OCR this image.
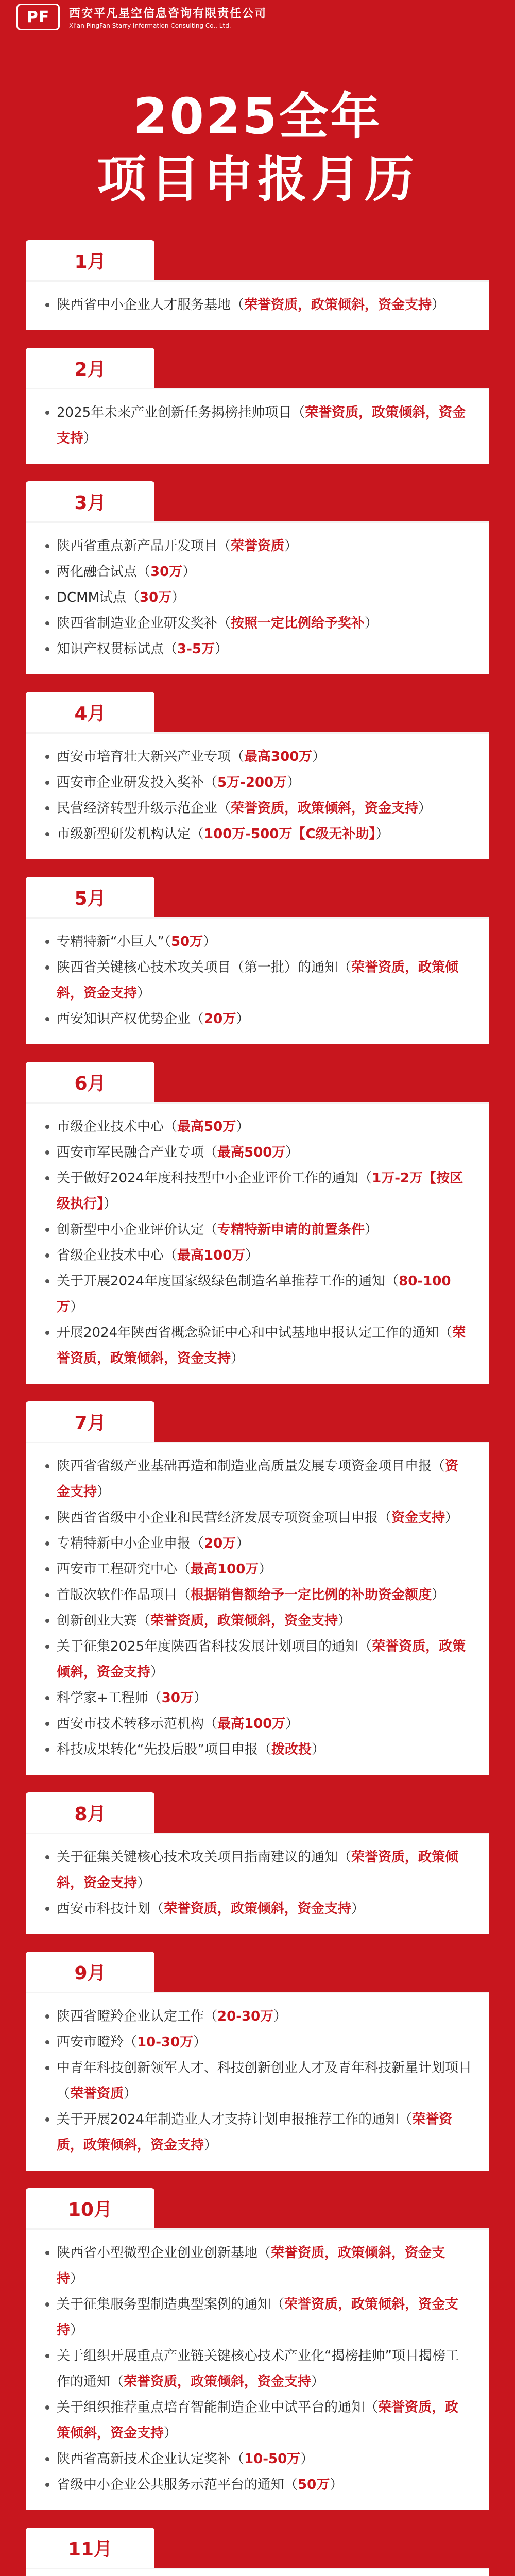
PF	西安平凡星空信息咨询有限责任公司
Xi'an PingFan Starry Information Consulting Co., Ltd.
2025全年
项目申报月历
1月
陕西省中小企业人才服务基地（荣誉资质，政策倾斜，资金支持）
2月
2025年未来产业创新任务揭榜挂帅项目（荣誉资质，政策倾斜，资金支持）
3月
陕西省重点新产品开发项目（荣誉资质）
两化融合试点（30万）
DCMM试点（30万）
陕西省制造业企业研发奖补（按照一定比例给予奖补）
知识产权贯标试点（3-5万）
4月
西安市培育壮大新兴产业专项（最高300万）
西安市企业研发投入奖补（5万-200万）
民营经济转型升级示范企业（荣誉资质，政策倾斜，资金支持）
市级新型研发机构认定（100万-500万【C级无补助】）
5月
专精特新“小巨人”（50万）
陕西省关键核心技术攻关项目（第一批）的通知（荣誉资质，政策倾斜，资金支持）
西安知识产权优势企业（20万）
6月
市级企业技术中心（最高50万）
西安市军民融合产业专项（最高500万）
关于做好2024年度科技型中小企业评价工作的通知（1万-2万【按区级执行】）
创新型中小企业评价认定（专精特新申请的前置条件）
省级企业技术中心（最高100万）
关于开展2024年度国家级绿色制造名单推荐工作的通知（80-100万）
开展2024年陕西省概念验证中心和中试基地申报认定工作的通知（荣誉资质，政策倾斜，资金支持）
7月
陕西省省级产业基础再造和制造业高质量发展专项资金项目申报（资金支持）
陕西省省级中小企业和民营经济发展专项资金项目申报（资金支持）
专精特新中小企业申报（20万）
西安市工程研究中心（最高100万）
首版次软件作品项目（根据销售额给予一定比例的补助资金额度）
创新创业大赛（荣誉资质，政策倾斜，资金支持）
关于征集2025年度陕西省科技发展计划项目的通知（荣誉资质，政策倾斜，资金支持）
科学家+工程师（30万）
西安市技术转移示范机构（最高100万）
科技成果转化“先投后股”项目申报（拨改投）
8月
关于征集关键核心技术攻关项目指南建议的通知（荣誉资质，政策倾斜，资金支持）
西安市科技计划（荣誉资质，政策倾斜，资金支持）
9月
陕西省瞪羚企业认定工作（20-30万）
西安市瞪羚（10-30万）
中青年科技创新领军人才、科技创新创业人才及青年科技新星计划项目（荣誉资质）
关于开展2024年制造业人才支持计划申报推荐工作的通知（荣誉资质，政策倾斜，资金支持）
10月
陕西省小型微型企业创业创新基地（荣誉资质，政策倾斜，资金支持）
关于征集服务型制造典型案例的通知（荣誉资质，政策倾斜，资金支持）
关于组织开展重点产业链关键核心技术产业化“揭榜挂帅”项目揭榜工作的通知（荣誉资质，政策倾斜，资金支持）
关于组织推荐重点培育智能制造企业中试平台的通知（荣誉资质，政策倾斜，资金支持）
陕西省高新技术企业认定奖补（10-50万）
省级中小企业公共服务示范平台的通知（50万）
11月
